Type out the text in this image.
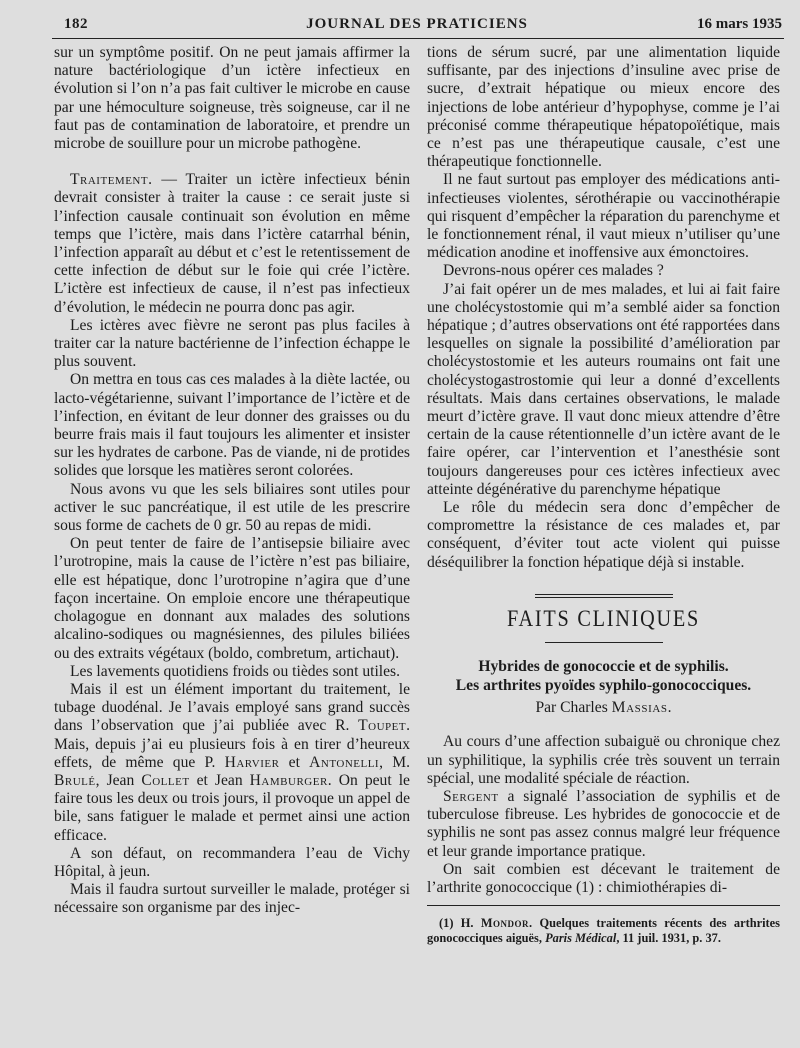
182	JOURNAL DES PRATICIENS	16 mars 1935

sur un symptôme positif. On ne peut jamais affirmer la nature bactériologique d’un ictère infectieux en évolution si l’on n’a pas fait cultiver le microbe en cause par une hémoculture soigneuse, très soigneuse, car il ne faut pas de contamination de laboratoire, et prendre un microbe de souillure pour un microbe pathogène.

Traitement. — Traiter un ictère infectieux bénin devrait consister à traiter la cause : ce serait juste si l’infection causale continuait son évolution en même temps que l’ictère, mais dans l’ictère catarrhal bénin, l’infection apparaît au début et c’est le retentissement de cette infection de début sur le foie qui crée l’ictère. L’ictère est infectieux de cause, il n’est pas infectieux d’évolution, le médecin ne pourra donc pas agir.

Les ictères avec fièvre ne seront pas plus faciles à traiter car la nature bactérienne de l’infection échappe le plus souvent.

On mettra en tous cas ces malades à la diète lactée, ou lacto-végétarienne, suivant l’importance de l’ictère et de l’infection, en évitant de leur donner des graisses ou du beurre frais mais il faut toujours les alimenter et insister sur les hydrates de carbone. Pas de viande, ni de protides solides que lorsque les matières seront colorées.

Nous avons vu que les sels biliaires sont utiles pour activer le suc pancréatique, il est utile de les prescrire sous forme de cachets de 0 gr. 50 au repas de midi.

On peut tenter de faire de l’antisepsie biliaire avec l’urotropine, mais la cause de l’ictère n’est pas biliaire, elle est hépatique, donc l’urotropine n’agira que d’une façon incertaine. On emploie encore une thérapeutique cholagogue en donnant aux malades des solutions alcalino-sodiques ou magnésiennes, des pilules biliées ou des extraits végétaux (boldo, combretum, artichaut).

Les lavements quotidiens froids ou tièdes sont utiles.

Mais il est un élément important du traitement, le tubage duodénal. Je l’avais employé sans grand succès dans l’observation que j’ai publiée avec R. Toupet. Mais, depuis j’ai eu plusieurs fois à en tirer d’heureux effets, de même que P. Harvier et Antonelli, M. Brulé, Jean Collet et Jean Hamburger. On peut le faire tous les deux ou trois jours, il provoque un appel de bile, sans fatiguer le malade et permet ainsi une action efficace.

A son défaut, on recommandera l’eau de Vichy Hôpital, à jeun.

Mais il faudra surtout surveiller le malade, protéger si nécessaire son organisme par des injec-

tions de sérum sucré, par une alimentation liquide suffisante, par des injections d’insuline avec prise de sucre, d’extrait hépatique ou mieux encore des injections de lobe antérieur d’hypophyse, comme je l’ai préconisé comme thérapeutique hépatopoïétique, mais ce n’est pas une thérapeutique causale, c’est une thérapeutique fonctionnelle.

Il ne faut surtout pas employer des médications anti-infectieuses violentes, sérothérapie ou vaccinothérapie qui risquent d’empêcher la réparation du parenchyme et le fonctionnement rénal, il vaut mieux n’utiliser qu’une médication anodine et inoffensive aux émonctoires.

Devrons-nous opérer ces malades ?

J’ai fait opérer un de mes malades, et lui ai fait faire une cholécystostomie qui m’a semblé aider sa fonction hépatique ; d’autres observations ont été rapportées dans lesquelles on signale la possibilité d’amélioration par cholécystostomie et les auteurs roumains ont fait une cholécystogastrostomie qui leur a donné d’excellents résultats. Mais dans certaines observations, le malade meurt d’ictère grave. Il vaut donc mieux attendre d’être certain de la cause rétentionnelle d’un ictère avant de le faire opérer, car l’intervention et l’anesthésie sont toujours dangereuses pour ces ictères infectieux avec atteinte dégénérative du parenchyme hépatique

Le rôle du médecin sera donc d’empêcher de compromettre la résistance de ces malades et, par conséquent, d’éviter tout acte violent qui puisse déséquilibrer la fonction hépatique déjà si instable.

FAITS CLINIQUES
Hybrides de gonococcie et de syphilis.
Les arthrites pyoïdes syphilo-gonococciques.
Par Charles Massias.

Au cours d’une affection subaiguë ou chronique chez un syphilitique, la syphilis crée très souvent un terrain spécial, une modalité spéciale de réaction.

Sergent a signalé l’association de syphilis et de tuberculose fibreuse. Les hybrides de gonococcie et de syphilis ne sont pas assez connus malgré leur fréquence et leur grande importance pratique.

On sait combien est décevant le traitement de l’arthrite gonococcique (1) : chimiothérapies di-

(1) H. Mondor. Quelques traitements récents des arthrites gonococciques aiguës, Paris Médical, 11 juil. 1931, p. 37.
